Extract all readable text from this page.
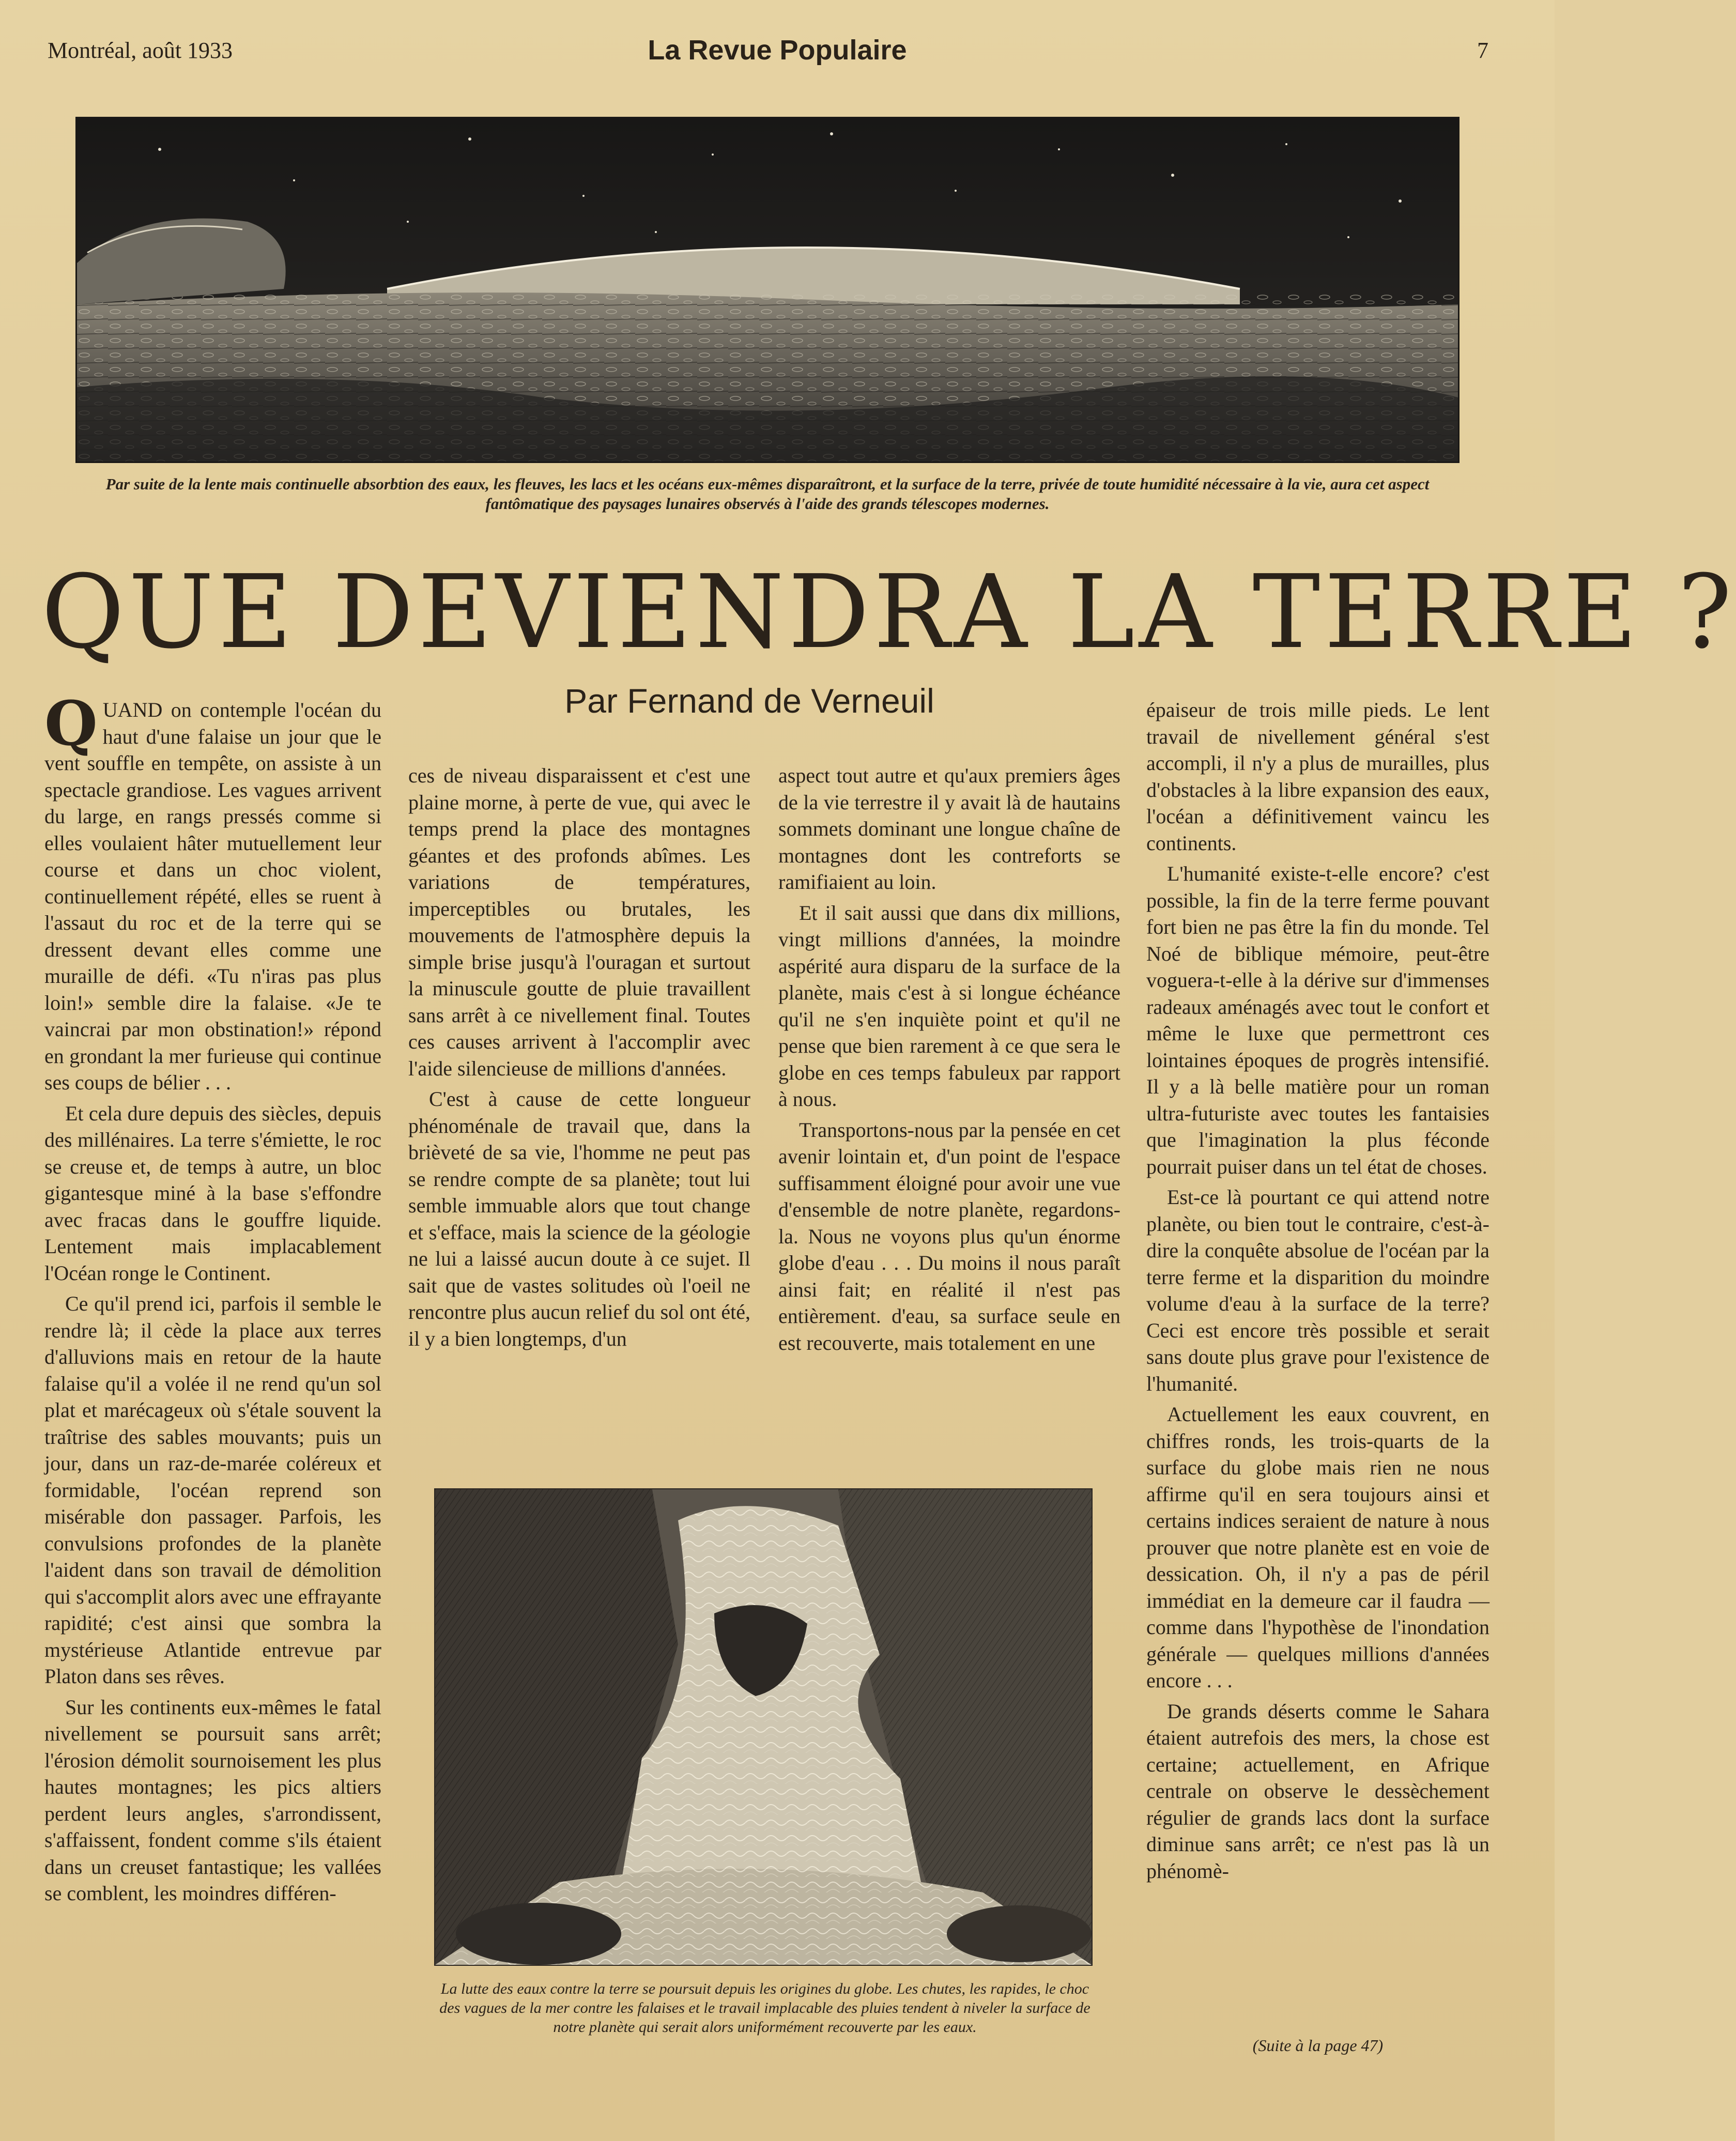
Montréal, août 1933	La Revue Populaire	7
Par suite de la lente mais continuelle absorbtion des eaux, les fleuves, les lacs et les océans eux-mêmes disparaîtront, et la surface de la terre, privée de toute humidité nécessaire à la vie, aura cet aspect fantômatique des paysages lunaires observés à l'aide des grands télescopes modernes.
QUE DEVIENDRA LA TERRE ?
Par Fernand de Verneuil

QUAND on contemple l'océan du haut d'une falaise un jour que le vent souffle en tempête, on assiste à un spectacle grandiose. Les vagues arrivent du large, en rangs pressés comme si elles voulaient hâter mutuellement leur course et dans un choc violent, continuellement répété, elles se ruent à l'assaut du roc et de la terre qui se dressent devant elles comme une muraille de défi. «Tu n'iras pas plus loin!» semble dire la falaise. «Je te vaincrai par mon obstination!» répond en grondant la mer furieuse qui continue ses coups de bélier . . .

Et cela dure depuis des siècles, depuis des millénaires. La terre s'émiette, le roc se creuse et, de temps à autre, un bloc gigantesque miné à la base s'effondre avec fracas dans le gouffre liquide. Lentement mais implacablement l'Océan ronge le Continent.

Ce qu'il prend ici, parfois il semble le rendre là; il cède la place aux terres d'alluvions mais en retour de la haute falaise qu'il a volée il ne rend qu'un sol plat et marécageux où s'étale souvent la traîtrise des sables mouvants; puis un jour, dans un raz-de-marée coléreux et formidable, l'océan reprend son misérable don passager. Parfois, les convulsions profondes de la planète l'aident dans son travail de démolition qui s'accomplit alors avec une effrayante rapidité; c'est ainsi que sombra la mystérieuse Atlantide entrevue par Platon dans ses rêves.

Sur les continents eux-mêmes le fatal nivellement se poursuit sans arrêt; l'érosion démolit sournoisement les plus hautes montagnes; les pics altiers perdent leurs angles, s'arrondissent, s'affaissent, fondent comme s'ils étaient dans un creuset fantastique; les vallées se comblent, les moindres différen-

ces de niveau disparaissent et c'est une plaine morne, à perte de vue, qui avec le temps prend la place des montagnes géantes et des profonds abîmes. Les variations de températures, imperceptibles ou brutales, les mouvements de l'atmosphère depuis la simple brise jusqu'à l'ouragan et surtout la minuscule goutte de pluie travaillent sans arrêt à ce nivellement final. Toutes ces causes arrivent à l'accomplir avec l'aide silencieuse de millions d'années.

C'est à cause de cette longueur phénoménale de travail que, dans la brièveté de sa vie, l'homme ne peut pas se rendre compte de sa planète; tout lui semble immuable alors que tout change et s'efface, mais la science de la géologie ne lui a laissé aucun doute à ce sujet. Il sait que de vastes solitudes où l'oeil ne rencontre plus aucun relief du sol ont été, il y a bien longtemps, d'un

aspect tout autre et qu'aux premiers âges de la vie terrestre il y avait là de hautains sommets dominant une longue chaîne de montagnes dont les contreforts se ramifiaient au loin.

Et il sait aussi que dans dix millions, vingt millions d'années, la moindre aspérité aura disparu de la surface de la planète, mais c'est à si longue échéance qu'il ne s'en inquiète point et qu'il ne pense que bien rarement à ce que sera le globe en ces temps fabuleux par rapport à nous.

Transportons-nous par la pensée en cet avenir lointain et, d'un point de l'espace suffisamment éloigné pour avoir une vue d'ensemble de notre planète, regardons-la. Nous ne voyons plus qu'un énorme globe d'eau . . . Du moins il nous paraît ainsi fait; en réalité il n'est pas entièrement. d'eau, sa surface seule en est recouverte, mais totalement en une

épaiseur de trois mille pieds. Le lent travail de nivellement général s'est accompli, il n'y a plus de murailles, plus d'obstacles à la libre expansion des eaux, l'océan a définitivement vaincu les continents.

L'humanité existe-t-elle encore? c'est possible, la fin de la terre ferme pouvant fort bien ne pas être la fin du monde. Tel Noé de biblique mémoire, peut-être voguera-t-elle à la dérive sur d'immenses radeaux aménagés avec tout le confort et même le luxe que permettront ces lointaines époques de progrès intensifié. Il y a là belle matière pour un roman ultra-futuriste avec toutes les fantaisies que l'imagination la plus féconde pourrait puiser dans un tel état de choses.

Est-ce là pourtant ce qui attend notre planète, ou bien tout le contraire, c'est-à-dire la conquête absolue de l'océan par la terre ferme et la disparition du moindre volume d'eau à la surface de la terre? Ceci est encore très possible et serait sans doute plus grave pour l'existence de l'humanité.

Actuellement les eaux couvrent, en chiffres ronds, les trois-quarts de la surface du globe mais rien ne nous affirme qu'il en sera toujours ainsi et certains indices seraient de nature à nous prouver que notre planète est en voie de dessication. Oh, il n'y a pas de péril immédiat en la demeure car il faudra — comme dans l'hypothèse de l'inondation générale — quelques millions d'années encore . . .

De grands déserts comme le Sahara étaient autrefois des mers, la chose est certaine; actuellement, en Afrique centrale on observe le dessèchement régulier de grands lacs dont la surface diminue sans arrêt; ce n'est pas là un phénomè-

La lutte des eaux contre la terre se poursuit depuis les origines du globe. Les chutes, les rapides, le choc des vagues de la mer contre les falaises et le travail implacable des pluies tendent à niveler la surface de notre planète qui serait alors uniformément recouverte par les eaux.
(Suite à la page 47)
